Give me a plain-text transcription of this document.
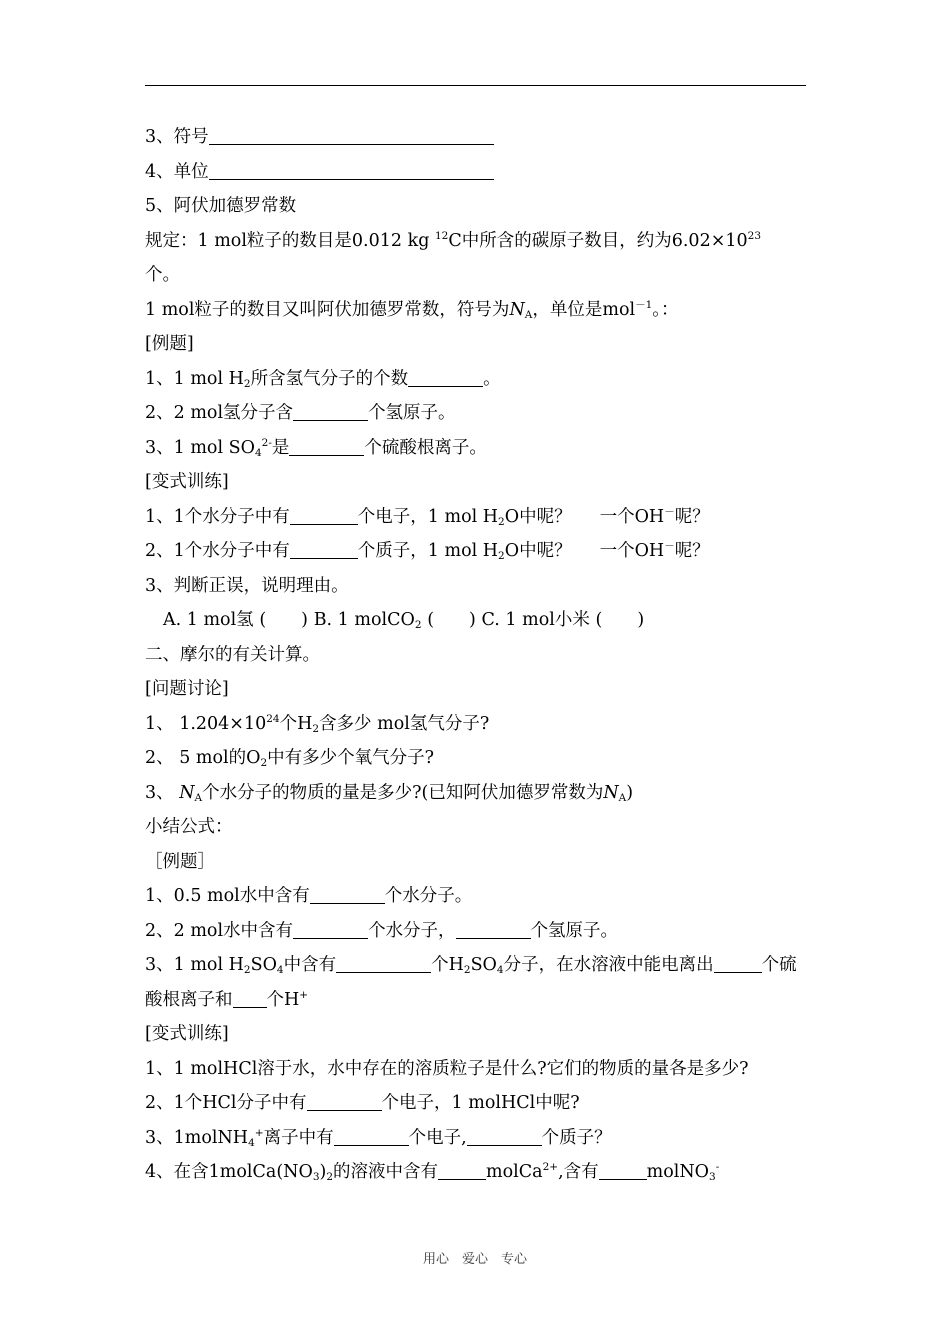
3、符号
4、单位
5、阿伏加德罗常数
规定：1 mol粒子的数目是0.012 kg $^{12}$C中所含的碳原子数目，约为$6.02\times 10^{23}$
个。
1 mol粒子的数目又叫阿伏加德罗常数，符号为$N_A$，单位是mol$^{-1}$。：
[例题]
1、1 mol $H_2$所含氢气分子的个数	。
2、2 mol氢分子含	个氢原子。
3、1 mol $SO_4^{2-}$是	个硫酸根离子。
[变式训练]
1、1个水分子中有	个电子，1 mol $H_2O$中呢？ 一个OH－呢？
2、1个水分子中有	个质子，1 mol $H_2O$中呢？ 一个OH－呢？
3、判断正误，说明理由。
A. 1 mol氢 (　　) B. 1 molCO$_2$ (　　) C. 1 mol小米 (　　)
二、摩尔的有关计算。
[问题讨论]
1、 $1.204\times 10^{24}$个$H_2$含多少 mol氢气分子?
2、 5 mol的$O_2$中有多少个氧气分子?
3、 $N_A$个水分子的物质的量是多少?(已知阿伏加德罗常数为$N_A$)
小结公式：
［例题］
1、0.5 mol水中含有	个水分子。
2、2 mol水中含有	个水分子，	个氢原子。
3、1 mol $H_2SO_4$中含有	个$H_2SO_4$分子，在水溶液中能电离出	个硫
酸根离子和 个H+
[变式训练]
1、1 molHCl溶于水，水中存在的溶质粒子是什么?它们的物质的量各是多少?
2、1个HCl分子中有	个电子，1 molHCl中呢?
3、1molNH$_4$+离子中有	个电子,	个质子？
4、在含$1molCa(NO_3)_2$的溶液中含有	molCa$^{2+}$,含有	molNO$_3$-
用心　爱心　专心
